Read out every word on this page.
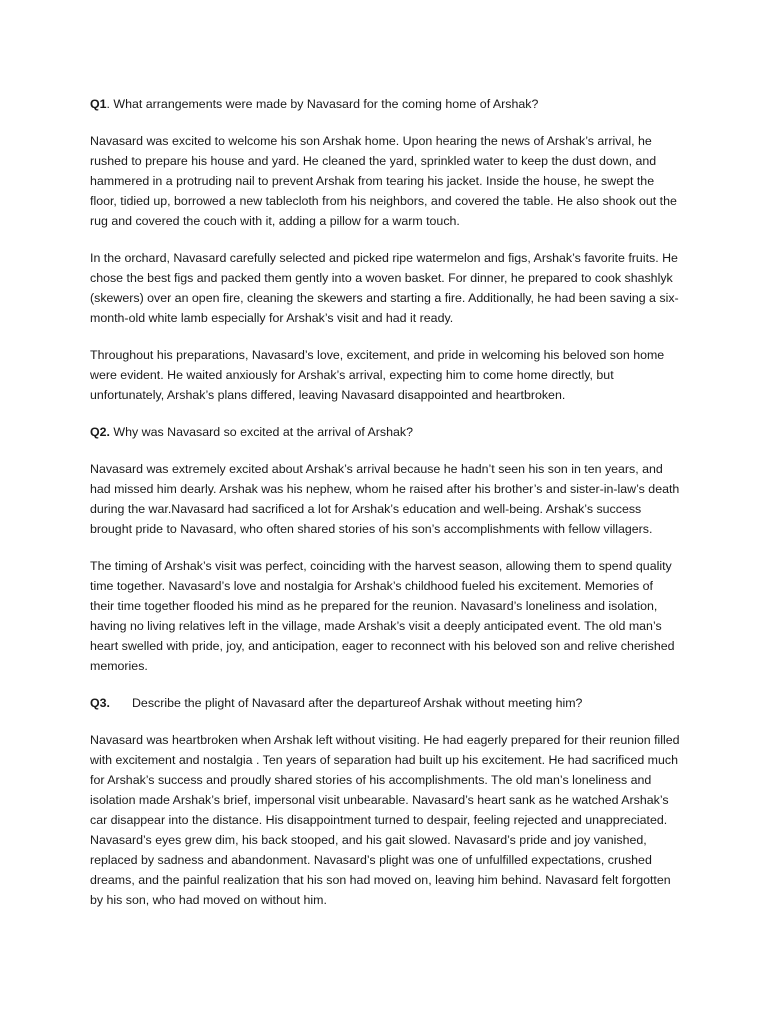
Q1. What arrangements were made by Navasard for the coming home of Arshak?

Navasard was excited to welcome his son Arshak home. Upon hearing the news of Arshak’s arrival, he rushed to prepare his house and yard. He cleaned the yard, sprinkled water to keep the dust down, and hammered in a protruding nail to prevent Arshak from tearing his jacket. Inside the house, he swept the floor, tidied up, borrowed a new tablecloth from his neighbors, and covered the table. He also shook out the rug and covered the couch with it, adding a pillow for a warm touch.

In the orchard, Navasard carefully selected and picked ripe watermelon and figs, Arshak’s favorite fruits. He chose the best figs and packed them gently into a woven basket. For dinner, he prepared to cook shashlyk (skewers) over an open fire, cleaning the skewers and starting a fire. Additionally, he had been saving a six-month-old white lamb especially for Arshak’s visit and had it ready.

Throughout his preparations, Navasard’s love, excitement, and pride in welcoming his beloved son home were evident. He waited anxiously for Arshak’s arrival, expecting him to come home directly, but unfortunately, Arshak’s plans differed, leaving Navasard disappointed and heartbroken.

Q2. Why was Navasard so excited at the arrival of Arshak?

Navasard was extremely excited about Arshak’s arrival because he hadn’t seen his son in ten years, and had missed him dearly. Arshak was his nephew, whom he raised after his brother’s and sister-in-law’s death during the war.Navasard had sacrificed a lot for Arshak’s education and well-being. Arshak’s success brought pride to Navasard, who often shared stories of his son’s accomplishments with fellow villagers.

The timing of Arshak’s visit was perfect, coinciding with the harvest season, allowing them to spend quality time together. Navasard’s love and nostalgia for Arshak’s childhood fueled his excitement. Memories of their time together flooded his mind as he prepared for the reunion. Navasard’s loneliness and isolation, having no living relatives left in the village, made Arshak’s visit a deeply anticipated event. The old man’s heart swelled with pride, joy, and anticipation, eager to reconnect with his beloved son and relive cherished memories.

Q3. Describe the plight of Navasard after the departureof Arshak without meeting him?

Navasard was heartbroken when Arshak left without visiting. He had eagerly prepared for their reunion filled with excitement and nostalgia . Ten years of separation had built up his excitement. He had sacrificed much for Arshak’s success and proudly shared stories of his accomplishments. The old man’s loneliness and isolation made Arshak’s brief, impersonal visit unbearable. Navasard’s heart sank as he watched Arshak’s car disappear into the distance. His disappointment turned to despair, feeling rejected and unappreciated. Navasard’s eyes grew dim, his back stooped, and his gait slowed. Navasard’s pride and joy vanished, replaced by sadness and abandonment. Navasard’s plight was one of unfulfilled expectations, crushed dreams, and the painful realization that his son had moved on, leaving him behind. Navasard felt forgotten by his son, who had moved on without him.
